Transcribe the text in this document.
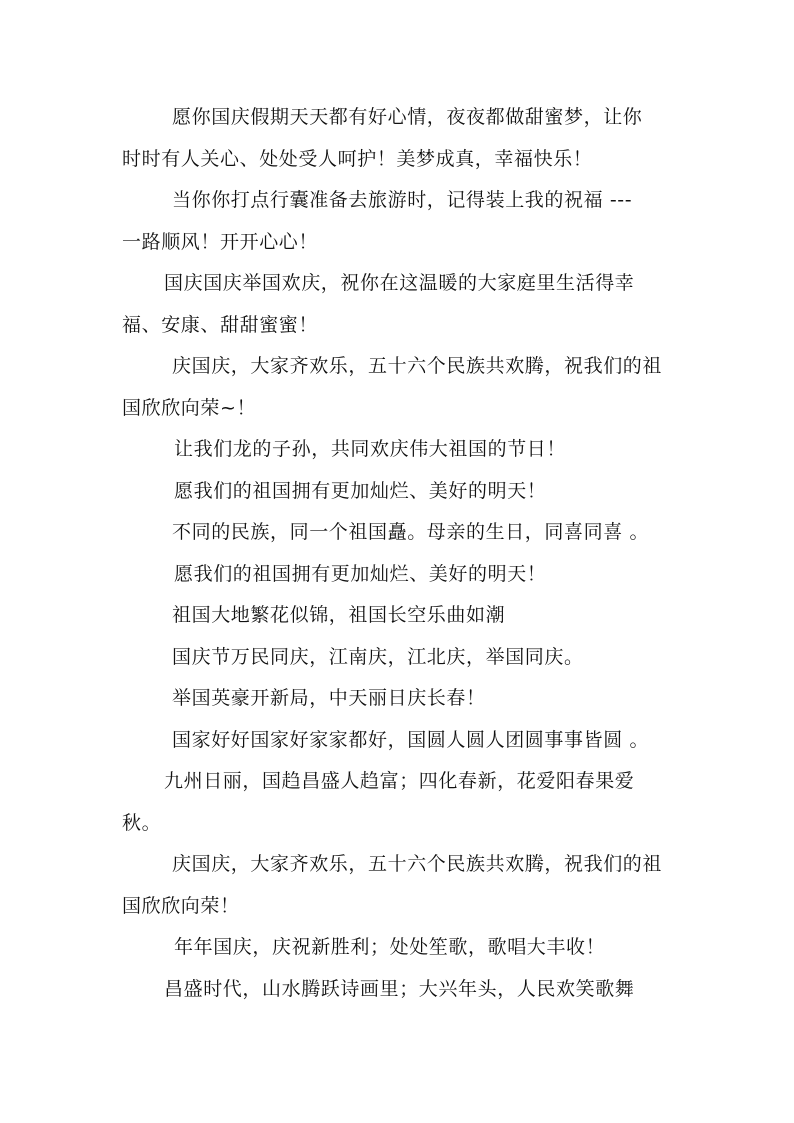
愿你国庆假期天天都有好心情，夜夜都做甜蜜梦，让你

时时有人关心、处处受人呵护！美梦成真，幸福快乐！

当你你打点行囊准备去旅游时，记得装上我的祝福 ---

一路顺风！开开心心！

国庆国庆举国欢庆，祝你在这温暖的大家庭里生活得幸

福、安康、甜甜蜜蜜！

庆国庆，大家齐欢乐，五十六个民族共欢腾，祝我们的祖

国欣欣向荣~！

让我们龙的子孙，共同欢庆伟大祖国的节日！

愿我们的祖国拥有更加灿烂、美好的明天！

不同的民族，同一个祖国矗。母亲的生日，同喜同喜 。

愿我们的祖国拥有更加灿烂、美好的明天！

祖国大地繁花似锦，祖国长空乐曲如潮

国庆节万民同庆，江南庆，江北庆，举国同庆。

举国英豪开新局，中天丽日庆长春！

国家好好国家好家家都好，国圆人圆人团圆事事皆圆 。

九州日丽，国趋昌盛人趋富；四化春新，花爱阳春果爱

秋。

庆国庆，大家齐欢乐，五十六个民族共欢腾，祝我们的祖

国欣欣向荣！

年年国庆，庆祝新胜利；处处笙歌，歌唱大丰收！

昌盛时代，山水腾跃诗画里；大兴年头，人民欢笑歌舞
